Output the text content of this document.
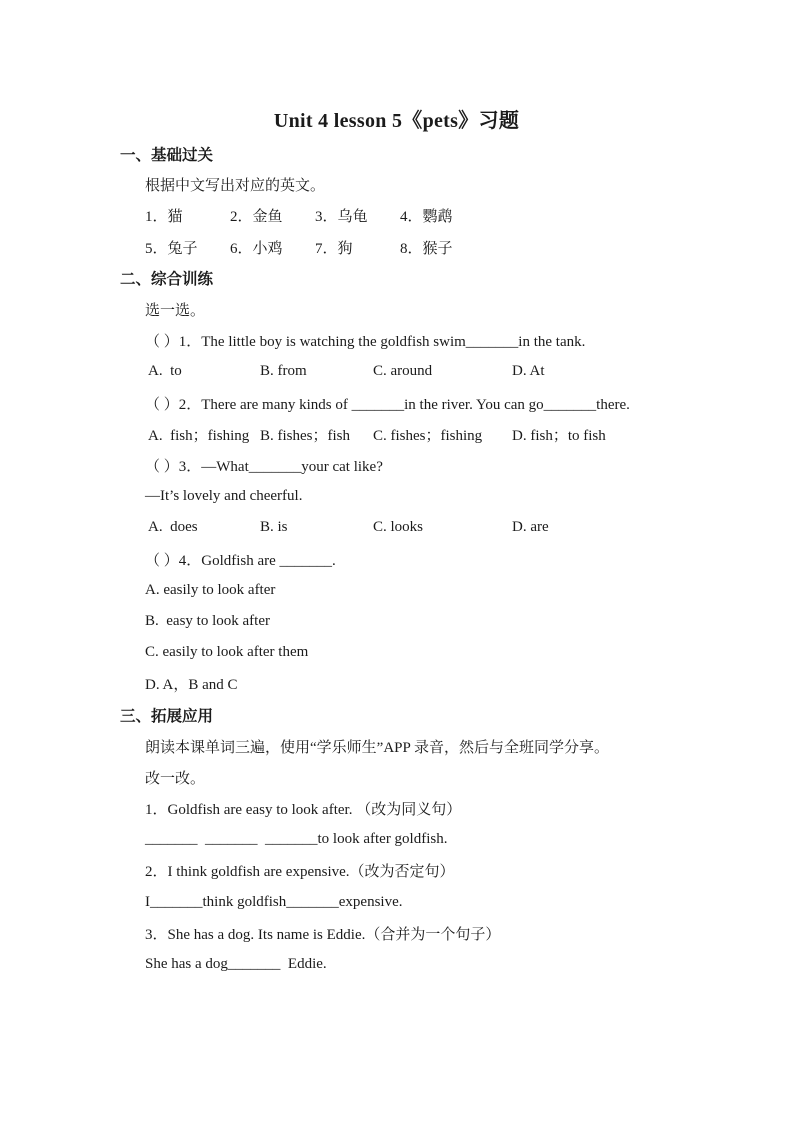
Unit 4 lesson 5《pets》习题
一、基础过关
根据中文写出对应的英文。
1．猫	2．金鱼	3．乌龟	4．鹦鹉
5．兔子	6．小鸡	7．狗	8．猴子
二、综合训练
选一选。
（ ）1．The little boy is watching the goldfish swim_______in the tank.
A.  to	B. from	C. around	D. At
（ ）2．There are many kinds of _______in the river. You can go_______there.
A.  fish；fishing B. fishes；fish	C. fishes；fishing	D. fish；to fish
（ ）3．—What_______your cat like?
—It’s lovely and cheerful.
A.  does	B. is	C. looks	D. are
（ ）4．Goldfish are _______.
A. easily to look after
B.  easy to look after
C. easily to look after them
D. A，B and C
三、拓展应用
朗读本课单词三遍，使用“学乐师生”APP 录音，然后与全班同学分享。
改一改。
1．Goldfish are easy to look after. （改为同义句）
_______  _______  _______to look after goldfish.
2．I think goldfish are expensive.（改为否定句）
I_______think goldfish_______expensive.
3．She has a dog. Its name is Eddie.（合并为一个句子）
She has a dog_______  Eddie.
